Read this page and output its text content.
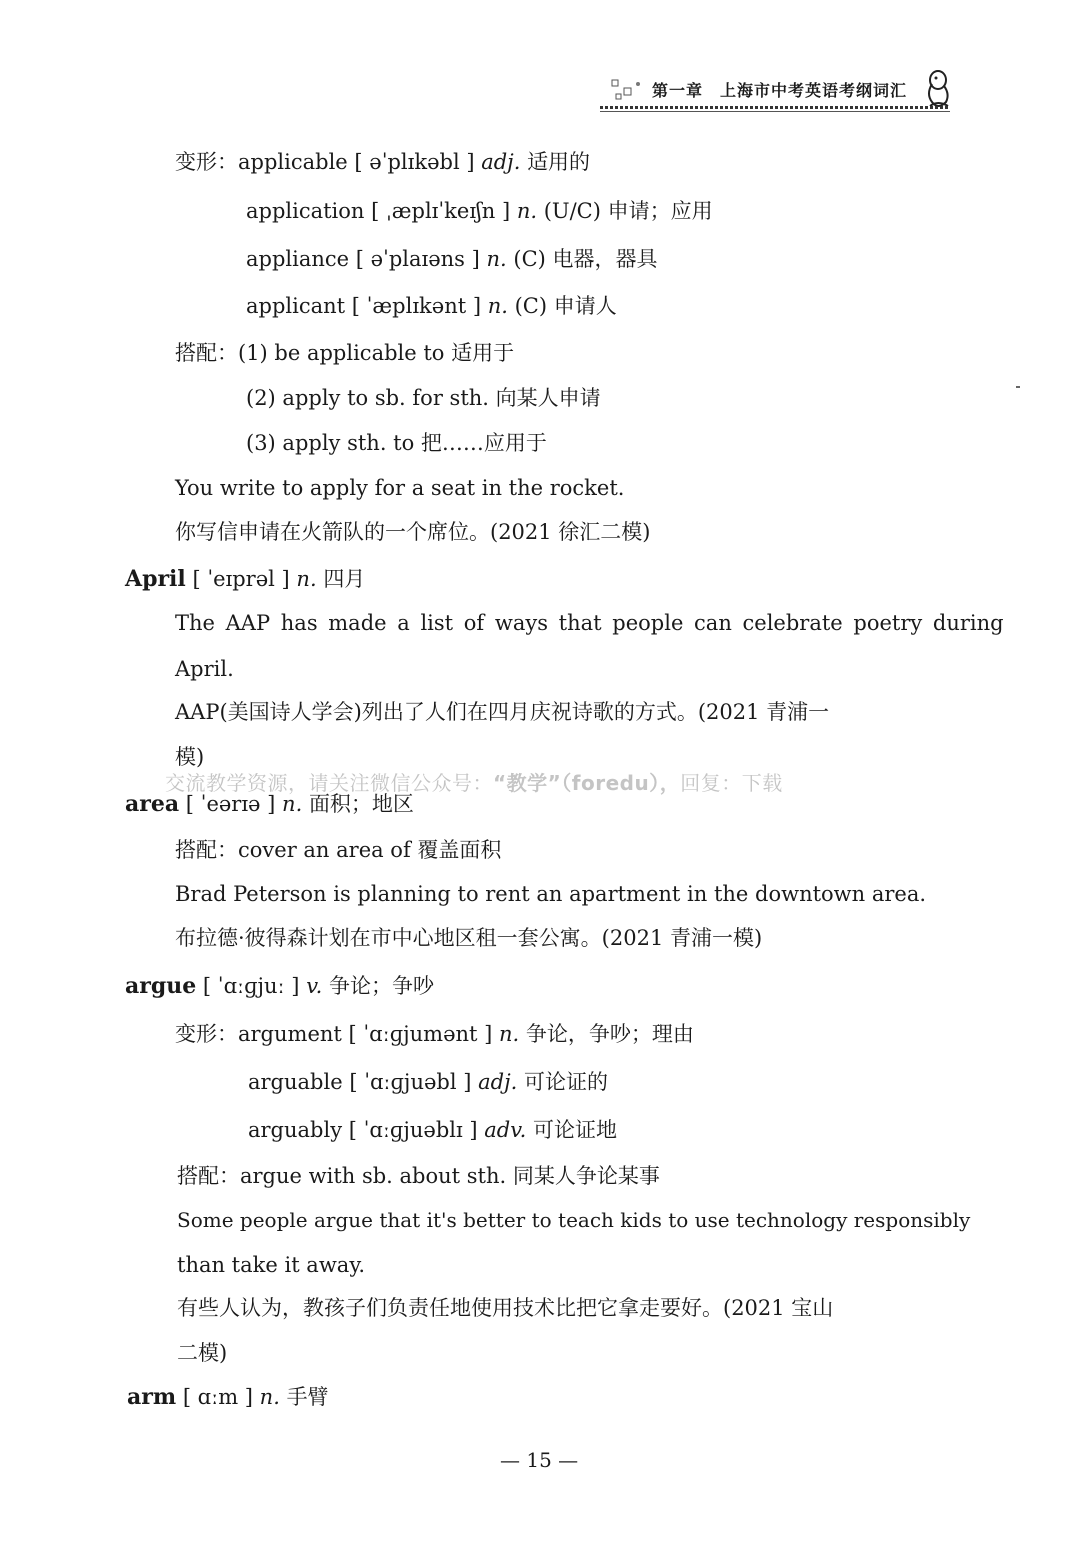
第一章　上海市中考英语考纲词汇
变形：applicable [ əˈplɪkəbl ] adj. 适用的
application [ ˌæplɪˈkeɪʃn ] n. (U/C) 申请；应用
appliance [ əˈplaɪəns ] n. (C) 电器，器具
applicant [ ˈæplɪkənt ] n. (C) 申请人
搭配：(1) be applicable to 适用于
(2) apply to sb. for sth. 向某人申请
(3) apply sth. to 把……应用于
You write to apply for a seat in the rocket.
你写信申请在火箭队的一个席位。(2021 徐汇二模)
April [ ˈeɪprəl ] n. 四月
The AAP has made a list of ways that people can celebrate poetry during
April.
AAP(美国诗人学会)列出了人们在四月庆祝诗歌的方式。(2021 青浦一
模)
交流教学资源，请关注微信公众号：“教学”（foredu），回复：下载
area [ ˈeərɪə ] n. 面积；地区
搭配：cover an area of 覆盖面积
Brad Peterson is planning to rent an apartment in the downtown area.
布拉德·彼得森计划在市中心地区租一套公寓。(2021 青浦一模)
argue [ ˈɑːɡjuː ] v. 争论；争吵
变形：argument [ ˈɑːɡjumənt ] n. 争论，争吵；理由
arguable [ ˈɑːɡjuəbl ] adj. 可论证的
arguably [ ˈɑːɡjuəblɪ ] adv. 可论证地
搭配：argue with sb. about sth. 同某人争论某事
Some people argue that it's better to teach kids to use technology responsibly
than take it away.
有些人认为，教孩子们负责任地使用技术比把它拿走要好。(2021 宝山
二模)
arm [ ɑːm ] n. 手臂
— 15 —
